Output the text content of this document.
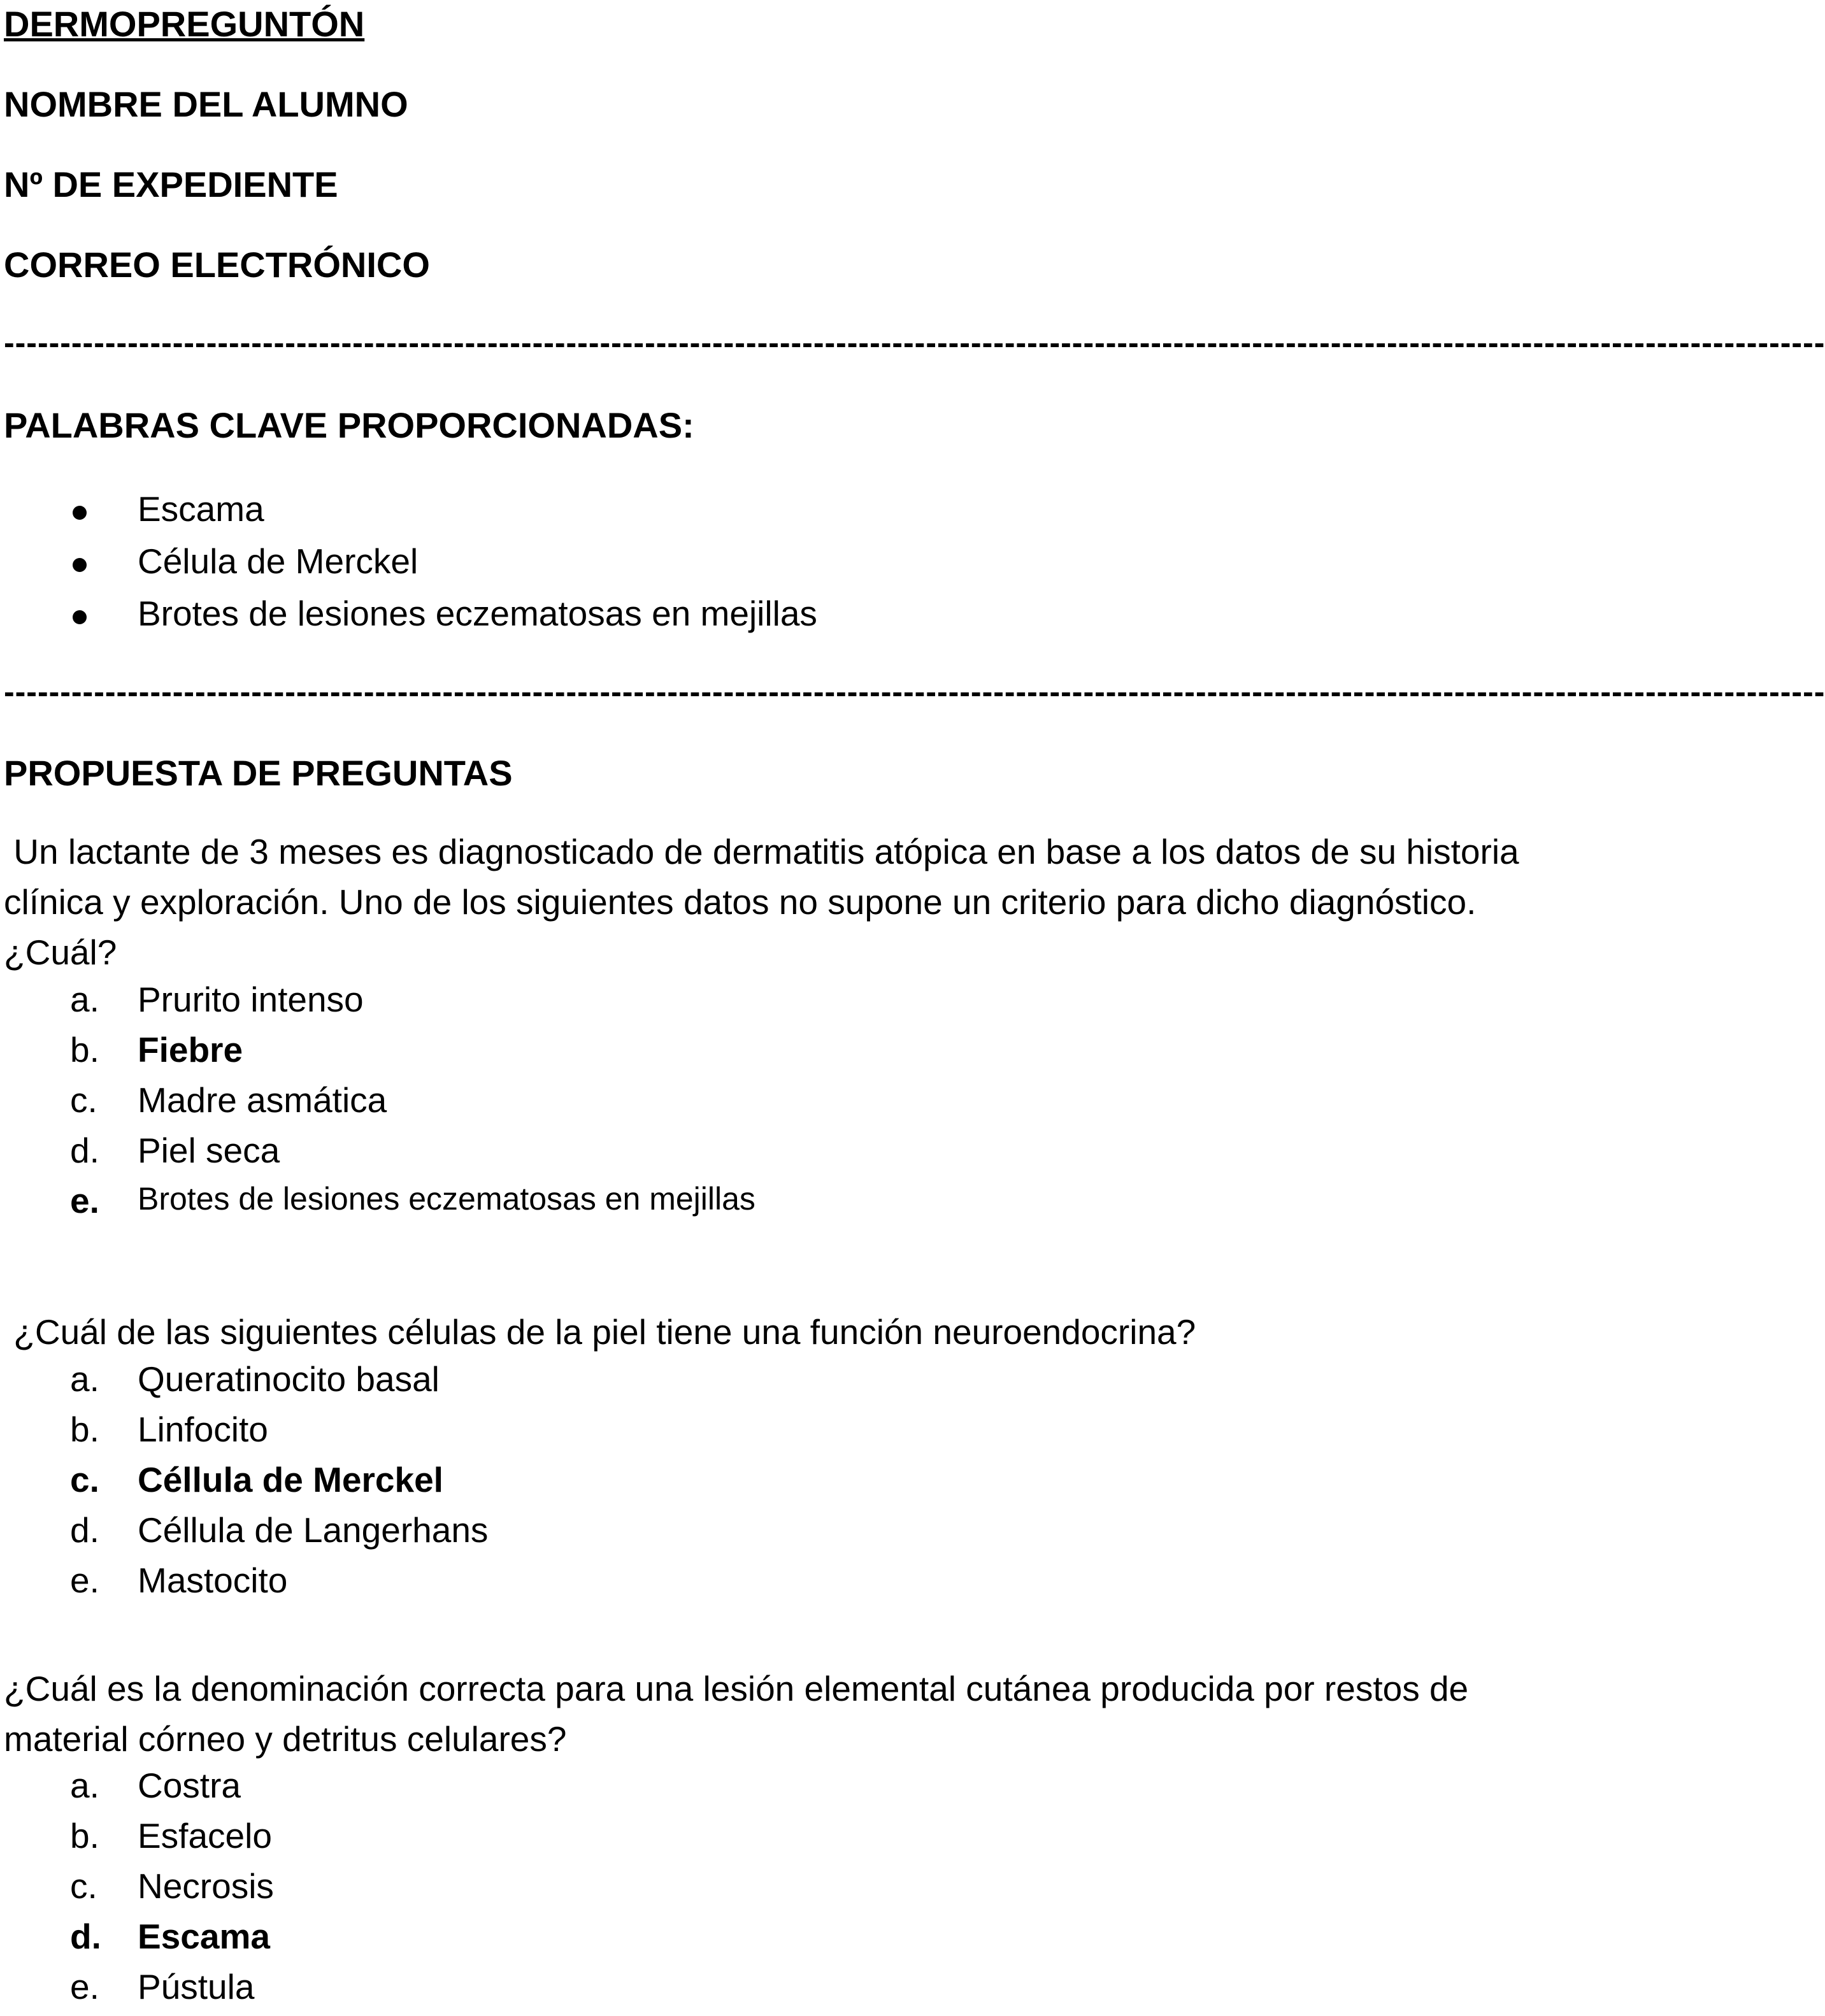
DERMOPREGUNTÓN
NOMBRE DEL ALUMNO
Nº DE EXPEDIENTE
CORREO ELECTRÓNICO
------------------------------------------------------------------------------------------------------------------------------------------------------------------
PALABRAS CLAVE PROPORCIONADAS:
Escama
Célula de Merckel
Brotes de lesiones eczematosas en mejillas
------------------------------------------------------------------------------------------------------------------------------------------------------------------
PROPUESTA DE PREGUNTAS

Un lactante de 3 meses es diagnosticado de dermatitis atópica en base a los datos de su historia clínica y exploración. Uno de los siguientes datos no supone un criterio para dicho diagnóstico. ¿Cuál?

a. Prurito intenso
b. Fiebre
c. Madre asmática
d. Piel seca
e. Brotes de lesiones eczematosas en mejillas

¿Cuál de las siguientes células de la piel tiene una función neuroendocrina?

a. Queratinocito basal
b. Linfocito
c. Céllula de Merckel
d. Céllula de Langerhans
e. Mastocito

¿Cuál es la denominación correcta para una lesión elemental cutánea producida por restos de material córneo y detritus celulares?

a. Costra
b. Esfacelo
c. Necrosis
d. Escama
e. Pústula
